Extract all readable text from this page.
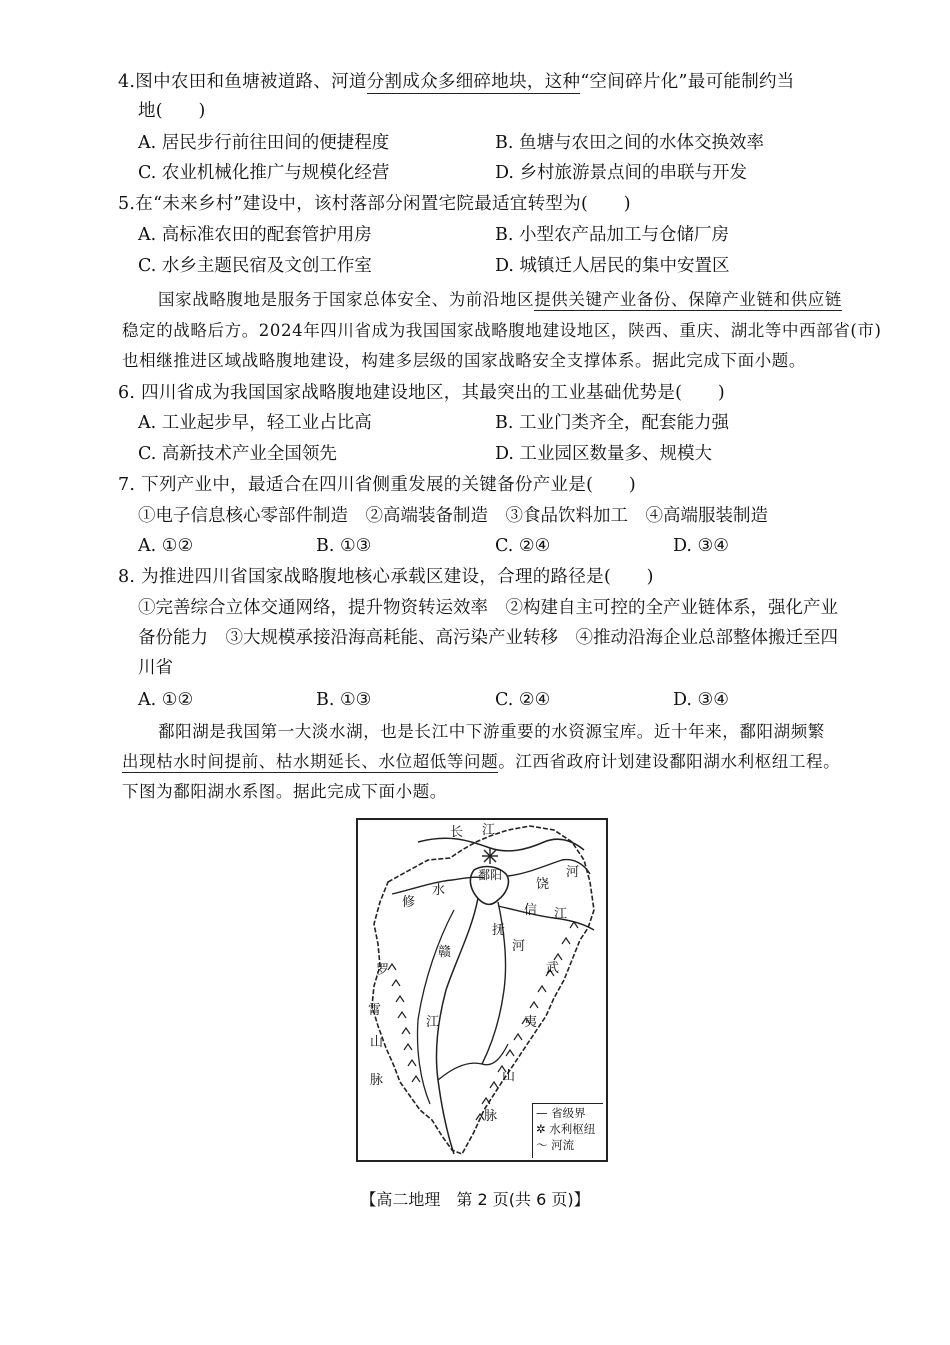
4.图中农田和鱼塘被道路、河道分割成众多细碎地块，这种“空间碎片化”最可能制约当
地(　　)
A. 居民步行前往田间的便捷程度	B. 鱼塘与农田之间的水体交换效率
C. 农业机械化推广与规模化经营	D. 乡村旅游景点间的串联与开发
5.在“未来乡村”建设中，该村落部分闲置宅院最适宜转型为(　　)
A. 高标准农田的配套管护用房	B. 小型农产品加工与仓储厂房
C. 水乡主题民宿及文创工作室	D. 城镇迁人居民的集中安置区
国家战略腹地是服务于国家总体安全、为前沿地区提供关键产业备份、保障产业链和供应链
稳定的战略后方。2024年四川省成为我国国家战略腹地建设地区，陕西、重庆、湖北等中西部省(市)
也相继推进区域战略腹地建设，构建多层级的国家战略安全支撑体系。据此完成下面小题。
6. 四川省成为我国国家战略腹地建设地区，其最突出的工业基础优势是(　　)
A. 工业起步早，轻工业占比高	B. 工业门类齐全，配套能力强
C. 高新技术产业全国领先	D. 工业园区数量多、规模大
7. 下列产业中，最适合在四川省侧重发展的关键备份产业是(　　)
①电子信息核心零部件制造　②高端装备制造　③食品饮料加工　④高端服装制造
A. ①②	B. ①③	C. ②④	D. ③④
8. 为推进四川省国家战略腹地核心承载区建设，合理的路径是(　　)
①完善综合立体交通网络，提升物资转运效率　②构建自主可控的全产业链体系，强化产业
备份能力　③大规模承接沿海高耗能、高污染产业转移　④推动沿海企业总部整体搬迁至四
川省
A. ①②	B. ①③	C. ②④	D. ③④
鄱阳湖是我国第一大淡水湖，也是长江中下游重要的水资源宝库。近十年来，鄱阳湖频繁
出现枯水时间提前、枯水期延长、水位超低等问题。江西省政府计划建设鄱阳湖水利枢纽工程。
下图为鄱阳湖水系图。据此完成下面小题。
长 江
修
水
鄱阳
饶
河
信 江
抚
河
赣
江
武
夷
山
脉
罗
霄
山
脉
— 省级界
✲ 水利枢纽
〜 河流
【高二地理　第 2 页(共 6 页)】
